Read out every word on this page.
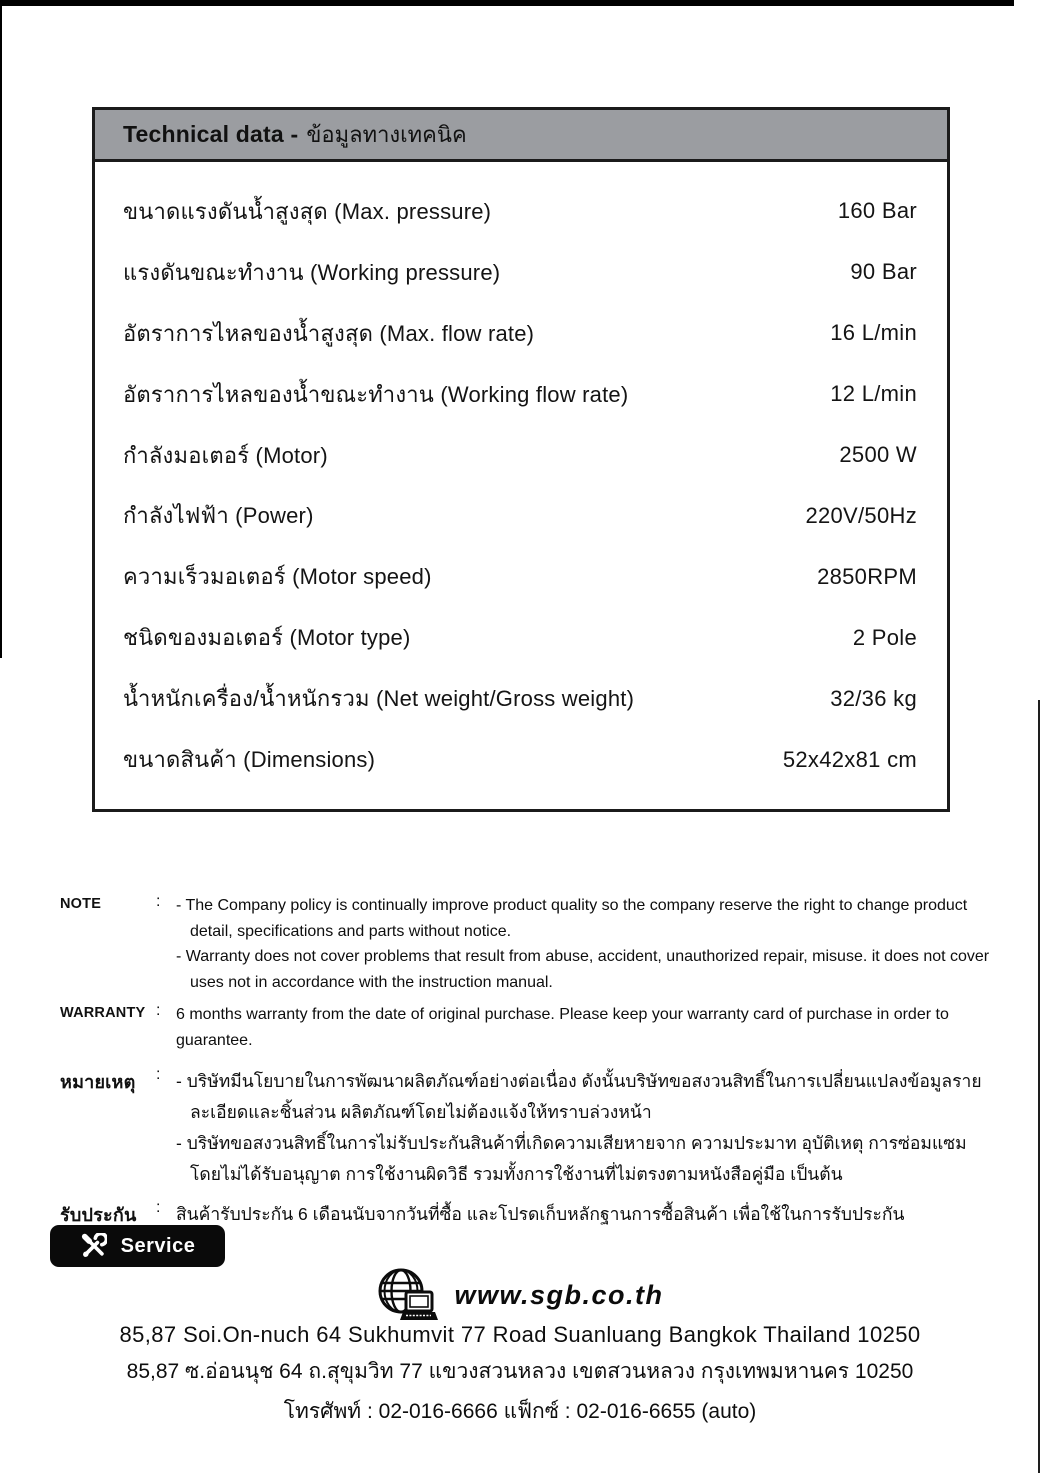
Technical data - ข้อมูลทางเทคนิค
ขนาดแรงดันน้ำสูงสุด (Max. pressure)	160 Bar
แรงดันขณะทำงาน (Working pressure)	90 Bar
อัตราการไหลของน้ำสูงสุด (Max. flow rate)	16 L/min
อัตราการไหลของน้ำขณะทำงาน (Working flow rate)	12 L/min
กำลังมอเตอร์ (Motor)	2500 W
กำลังไฟฟ้า (Power)	220V/50Hz
ความเร็วมอเตอร์ (Motor speed)	2850RPM
ชนิดของมอเตอร์ (Motor type)	2 Pole
น้ำหนักเครื่อง/น้ำหนักรวม (Net weight/Gross weight)	32/36 kg
ขนาดสินค้า (Dimensions)	52x42x81 cm
NOTE	: - The Company policy is continually improve product quality so the company reserve the right to change product detail, specifications and parts without notice.
- Warranty does not cover problems that result from abuse, accident, unauthorized repair, misuse. it does not cover uses not in accordance with the instruction manual.
WARRANTY : 6 months warranty from the date of original purchase. Please keep your warranty card of purchase in order to guarantee.
หมายเหตุ	: - บริษัทมีนโยบายในการพัฒนาผลิตภัณฑ์อย่างต่อเนื่อง ดังนั้นบริษัทขอสงวนสิทธิ์ในการเปลี่ยนแปลงข้อมูลรายละเอียดและชิ้นส่วน ผลิตภัณฑ์โดยไม่ต้องแจ้งให้ทราบล่วงหน้า
- บริษัทขอสงวนสิทธิ์ในการไม่รับประกันสินค้าที่เกิดความเสียหายจาก ความประมาท อุบัติเหตุ การซ่อมแซมโดยไม่ได้รับอนุญาต การใช้งานผิดวิธี รวมทั้งการใช้งานที่ไม่ตรงตามหนังสือคู่มือ เป็นต้น
รับประกัน	: สินค้ารับประกัน 6 เดือนนับจากวันที่ซื้อ และโปรดเก็บหลักฐานการซื้อสินค้า เพื่อใช้ในการรับประกัน
Service
www.sgb.co.th
85,87 Soi.On-nuch 64 Sukhumvit 77 Road Suanluang Bangkok Thailand 10250
85,87 ซ.อ่อนนุช 64 ถ.สุขุมวิท 77 แขวงสวนหลวง เขตสวนหลวง กรุงเทพมหานคร 10250
โทรศัพท์ : 02-016-6666 แฟ็กซ์ : 02-016-6655 (auto)
